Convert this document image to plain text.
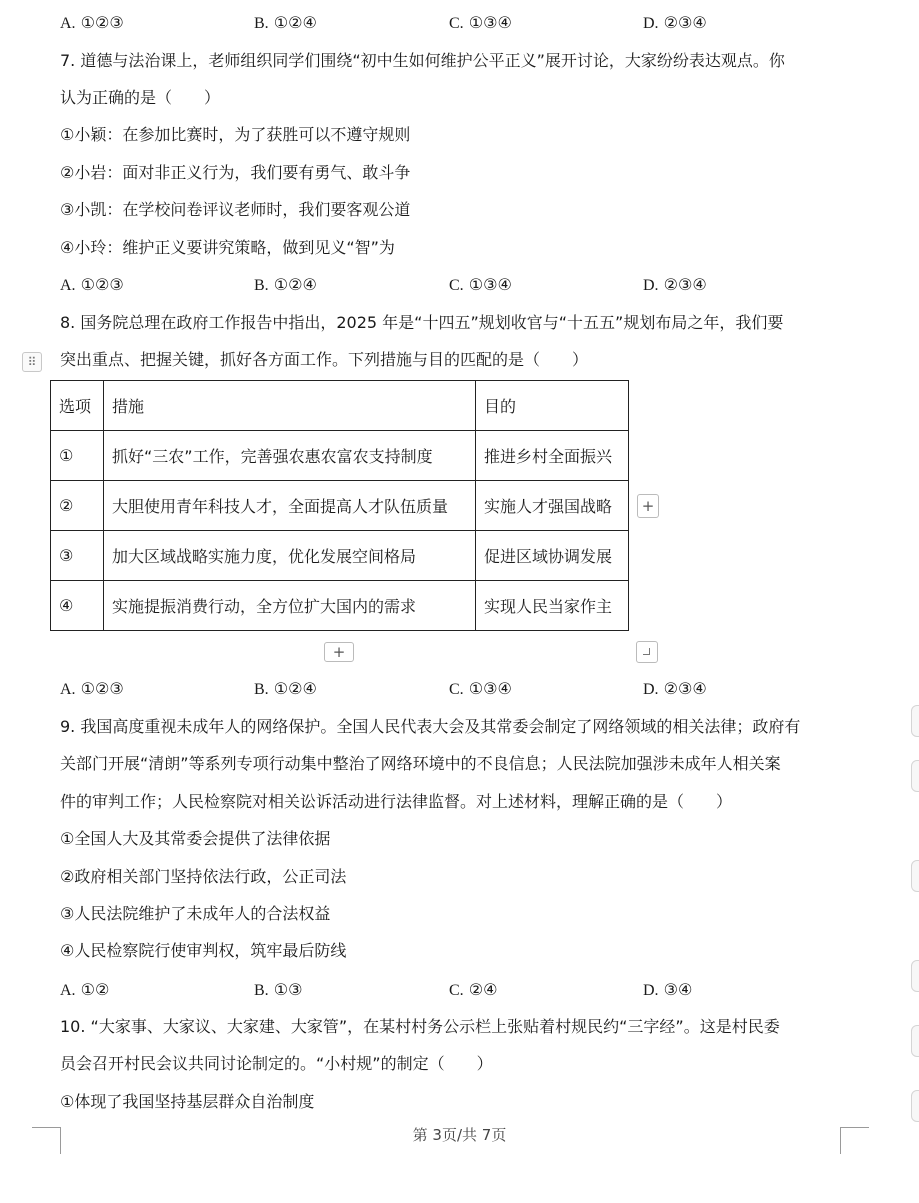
A. ①②③	B. ①②④	C. ①③④	D. ②③④
7. 道德与法治课上，老师组织同学们围绕“初中生如何维护公平正义”展开讨论，大家纷纷表达观点。你
认为正确的是（　　）
①小颖：在参加比赛时，为了获胜可以不遵守规则
②小岩：面对非正义行为，我们要有勇气、敢斗争
③小凯：在学校问卷评议老师时，我们要客观公道
④小玲：维护正义要讲究策略，做到见义“智”为
A. ①②③	B. ①②④	C. ①③④	D. ②③④
8. 国务院总理在政府工作报告中指出，2025 年是“十四五”规划收官与“十五五”规划布局之年，我们要
⠿	突出重点、把握关键，抓好各方面工作。下列措施与目的匹配的是（　　）
选项	措施	目的
①	抓好“三农”工作，完善强农惠农富农支持制度	推进乡村全面振兴
②	大胆使用青年科技人才，全面提高人才队伍质量	实施人才强国战略
③	加大区域战略实施力度，优化发展空间格局	促进区域协调发展
④	实施提振消费行动，全方位扩大国内的需求	实现人民当家作主
+
+
A. ①②③	B. ①②④	C. ①③④	D. ②③④
9. 我国高度重视未成年人的网络保护。全国人民代表大会及其常委会制定了网络领域的相关法律；政府有
关部门开展“清朗”等系列专项行动集中整治了网络环境中的不良信息；人民法院加强涉未成年人相关案
件的审判工作；人民检察院对相关讼诉活动进行法律监督。对上述材料，理解正确的是（　　）
①全国人大及其常委会提供了法律依据
②政府相关部门坚持依法行政，公正司法
③人民法院维护了未成年人的合法权益
④人民检察院行使审判权，筑牢最后防线
A. ①②	B. ①③	C. ②④	D. ③④
10. “大家事、大家议、大家建、大家管”，在某村村务公示栏上张贴着村规民约“三字经”。这是村民委
员会召开村民会议共同讨论制定的。“小村规”的制定（　　）
①体现了我国坚持基层群众自治制度
第 3页/共 7页
